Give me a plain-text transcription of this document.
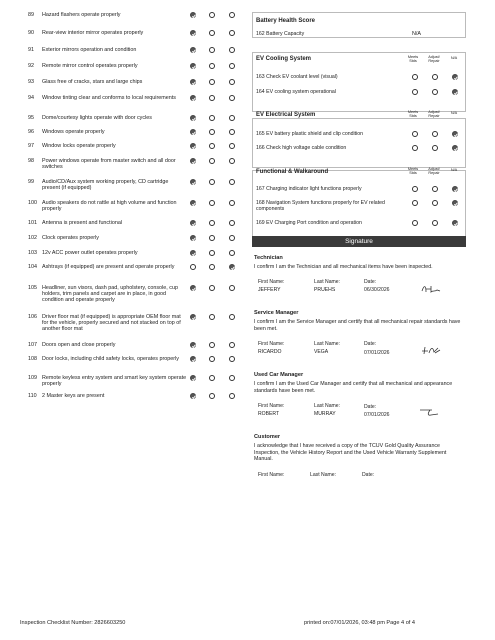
89	Hazard flashers operate properly
90	Rear-view interior mirror operates properly
91	Exterior mirrors operation and condition
92	Remote mirror control operates properly
93	Glass free of cracks, stars and large chips
94	Window tinting clear and conforms to local requirements
95	Dome/courtesy lights operate with door cycles
96	Windows operate properly
97	Window locks operate properly
98	Power windows operate from master switch and all door switches
99	Audio/CD/Aux system working properly, CD cartridge present (if equipped)
100 Audio speakers do not rattle at high volume and function properly
101 Antenna is present and functional
102 Clock operates properly
103 12v ACC power outlet operates properly
104 Ashtrays (if equipped) are present and operate properly
105 Headliner, sun visors, dash pad, upholstery, console, cup holders, trim panels and carpet are in place, in good condition and operate properly
106 Driver floor mat (if equipped) is appropriate OEM floor mat for the vehicle, properly secured and not stacked on top of another floor mat
107 Doors open and close properly
108 Door locks, including child safety locks, operates properly
109 Remote keyless entry system and smart key system operate properly
110 2 Master keys are present
Battery Health Score
162 Battery Capacity	N/A
EV Cooling System	Meets Stds
Adjust/ Repair
N/A
163 Check EV coolant level (visual)
164 EV cooling system operational
EV Electrical System	Meets Stds
Adjust/ Repair
N/A
165 EV battery plastic shield and clip condition
166 Check high voltage cable condition
Functional & Walkaround	Meets Stds
Adjust/ Repair
N/A
167 Charging indicator light functions properly
168 Navigation System functions properly for EV related components
169 EV Charging Port condition and operation
Signature
Technician
I confirm I am the Technician and all mechanical items have been inspected.
First Name:	Last Name:	Date:
JEFFERY	PRUEHS	06/30/2026
Service Manager
I confirm I am the Service Manager and certify that all mechanical repair standards have been met.
First Name:	Last Name:	Date:
RICARDO	VEGA	07/01/2026
Used Car Manager
I confirm I am the Used Car Manager and certify that all mechanical and appearance standards have been met.
First Name:	Last Name:	Date:
ROBERT	MURRAY	07/01/2026
Customer
I acknowledge that I have received a copy of the TCUV Gold Quality Assurance Inspection, the Vehicle History Report and the Used Vehicle Warranty Supplement Manual.
First Name:	Last Name:	Date:
Inspection Checklist Number: 2826603250	printed on:07/01/2026, 03:48 pm Page 4 of 4
